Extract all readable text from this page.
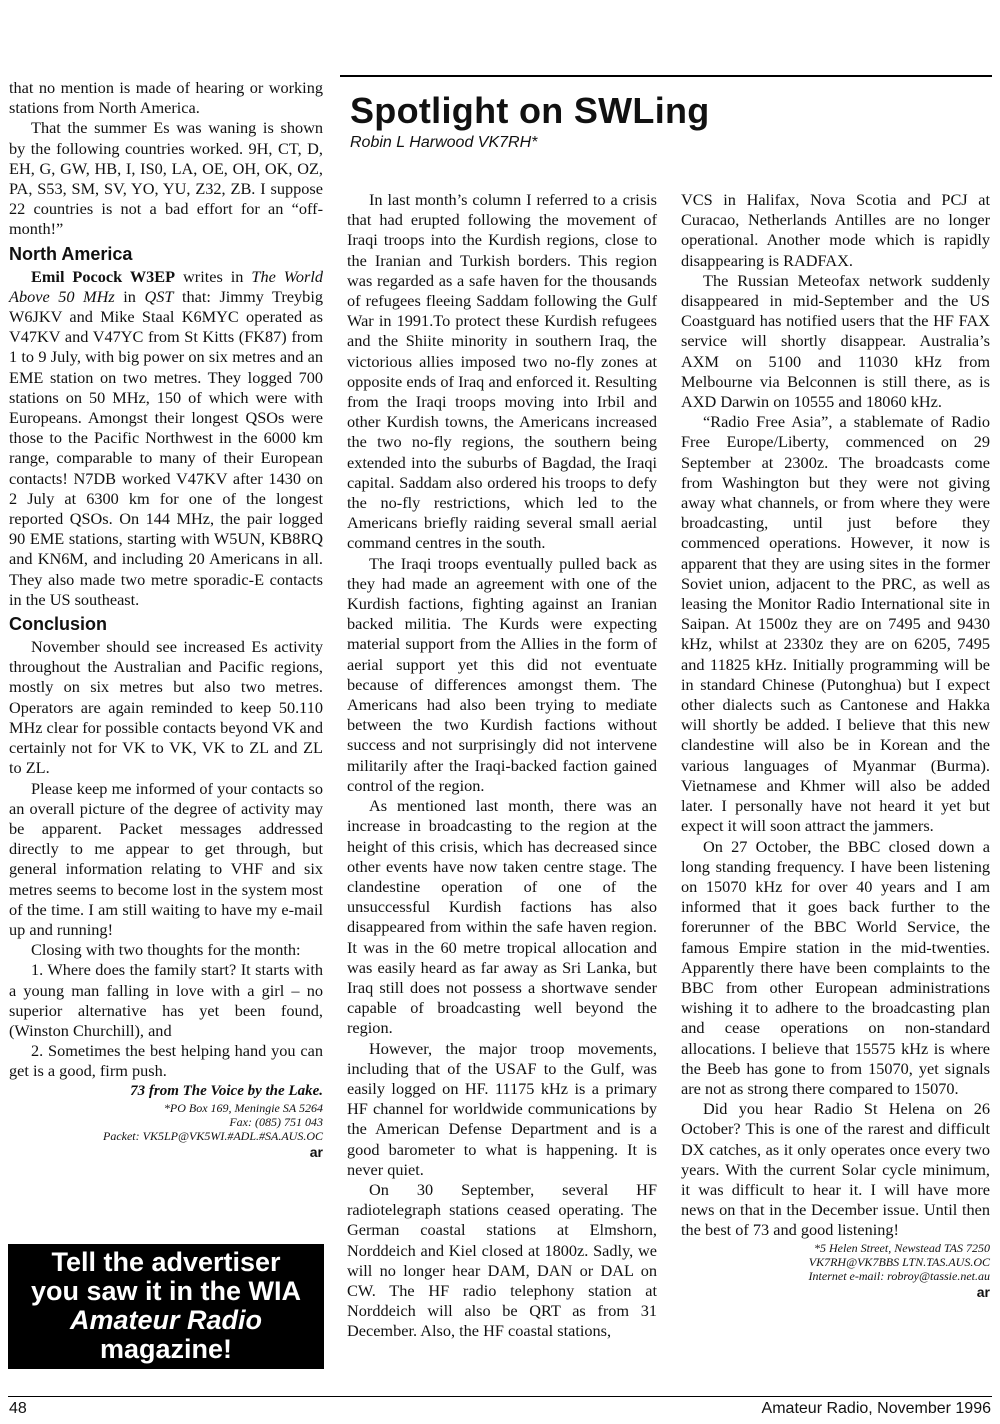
that no mention is made of hearing or working stations from North America.

That the summer Es was waning is shown by the following countries worked. 9H, CT, D, EH, G, GW, HB, I, IS0, LA, OE, OH, OK, OZ, PA, S53, SM, SV, YO, YU, Z32, ZB. I suppose 22 countries is not a bad effort for an “off-month!”

North America

Emil Pocock W3EP writes in The World Above 50 MHz in QST that: Jimmy Treybig W6JKV and Mike Staal K6MYC operated as V47KV and V47YC from St Kitts (FK87) from 1 to 9 July, with big power on six metres and an EME station on two metres. They logged 700 stations on 50 MHz, 150 of which were with Europeans. Amongst their longest QSOs were those to the Pacific Northwest in the 6000 km range, comparable to many of their European contacts! N7DB worked V47KV after 1430 on 2 July at 6300 km for one of the longest reported QSOs. On 144 MHz, the pair logged 90 EME stations, starting with W5UN, KB8RQ and KN6M, and including 20 Americans in all. They also made two metre sporadic-E contacts in the US southeast.

Conclusion

November should see increased Es activity throughout the Australian and Pacific regions, mostly on six metres but also two metres. Operators are again reminded to keep 50.110 MHz clear for possible contacts beyond VK and certainly not for VK to VK, VK to ZL and ZL to ZL.

Please keep me informed of your contacts so an overall picture of the degree of activity may be apparent. Packet messages addressed directly to me appear to get through, but general information relating to VHF and six metres seems to become lost in the system most of the time. I am still waiting to have my e-mail up and running!

Closing with two thoughts for the month:

1. Where does the family start? It starts with a young man falling in love with a girl – no superior alternative has yet been found, (Winston Churchill), and

2. Sometimes the best helping hand you can get is a good, firm push.

73 from The Voice by the Lake.
*PO Box 169, Meningie SA 5264
Fax: (085) 751 043
Packet: VK5LP@VK5WI.#ADL.#SA.AUS.OC
ar
Spotlight on SWLing
Robin L Harwood VK7RH*

In last month’s column I referred to a crisis that had erupted following the movement of Iraqi troops into the Kurdish regions, close to the Iranian and Turkish borders. This region was regarded as a safe haven for the thousands of refugees fleeing Saddam following the Gulf War in 1991.To protect these Kurdish refugees and the Shiite minority in southern Iraq, the victorious allies imposed two no-fly zones at opposite ends of Iraq and enforced it. Resulting from the Iraqi troops moving into Irbil and other Kurdish towns, the Americans increased the two no-fly regions, the southern being extended into the suburbs of Bagdad, the Iraqi capital. Saddam also ordered his troops to defy the no-fly restrictions, which led to the Americans briefly raiding several small aerial command centres in the south.

The Iraqi troops eventually pulled back as they had made an agreement with one of the Kurdish factions, fighting against an Iranian backed militia. The Kurds were expecting material support from the Allies in the form of aerial support yet this did not eventuate because of differences amongst them. The Americans had also been trying to mediate between the two Kurdish factions without success and not surprisingly did not intervene militarily after the Iraqi-backed faction gained control of the region.

As mentioned last month, there was an increase in broadcasting to the region at the height of this crisis, which has decreased since other events have now taken centre stage. The clandestine operation of one of the unsuccessful Kurdish factions has also disappeared from within the safe haven region. It was in the 60 metre tropical allocation and was easily heard as far away as Sri Lanka, but Iraq still does not possess a shortwave sender capable of broadcasting well beyond the region.

However, the major troop movements, including that of the USAF to the Gulf, was easily logged on HF. 11175 kHz is a primary HF channel for worldwide communications by the American Defense Department and is a good barometer to what is happening. It is never quiet.

On 30 September, several HF radiotelegraph stations ceased operating. The German coastal stations at Elmshorn, Norddeich and Kiel closed at 1800z. Sadly, we will no longer hear DAM, DAN or DAL on CW. The HF radio telephony station at Norddeich will also be QRT as from 31 December. Also, the HF coastal stations,

VCS in Halifax, Nova Scotia and PCJ at Curacao, Netherlands Antilles are no longer operational. Another mode which is rapidly disappearing is RADFAX.

The Russian Meteofax network suddenly disappeared in mid-September and the US Coastguard has notified users that the HF FAX service will shortly disappear. Australia’s AXM on 5100 and 11030 kHz from Melbourne via Belconnen is still there, as is AXD Darwin on 10555 and 18060 kHz.

“Radio Free Asia”, a stablemate of Radio Free Europe/Liberty, commenced on 29 September at 2300z. The broadcasts come from Washington but they were not giving away what channels, or from where they were broadcasting, until just before they commenced operations. However, it now is apparent that they are using sites in the former Soviet union, adjacent to the PRC, as well as leasing the Monitor Radio International site in Saipan. At 1500z they are on 7495 and 9430 kHz, whilst at 2330z they are on 6205, 7495 and 11825 kHz. Initially programming will be in standard Chinese (Putonghua) but I expect other dialects such as Cantonese and Hakka will shortly be added. I believe that this new clandestine will also be in Korean and the various languages of Myanmar (Burma). Vietnamese and Khmer will also be added later. I personally have not heard it yet but expect it will soon attract the jammers.

On 27 October, the BBC closed down a long standing frequency. I have been listening on 15070 kHz for over 40 years and I am informed that it goes back further to the forerunner of the BBC World Service, the famous Empire station in the mid-twenties. Apparently there have been complaints to the BBC from other European administrations wishing it to adhere to the broadcasting plan and cease operations on non-standard allocations. I believe that 15575 kHz is where the Beeb has gone to from 15070, yet signals are not as strong there compared to 15070.

Did you hear Radio St Helena on 26 October? This is one of the rarest and difficult DX catches, as it only operates once every two years. With the current Solar cycle minimum, it was difficult to hear it. I will have more news on that in the December issue. Until then the best of 73 and good listening!

*5 Helen Street, Newstead TAS 7250
VK7RH@VK7BBS LTN.TAS.AUS.OC
Internet e-mail: robroy@tassie.net.au
ar
Tell the advertiser
you saw it in the WIA
Amateur Radio
magazine!
48	Amateur Radio, November 1996
